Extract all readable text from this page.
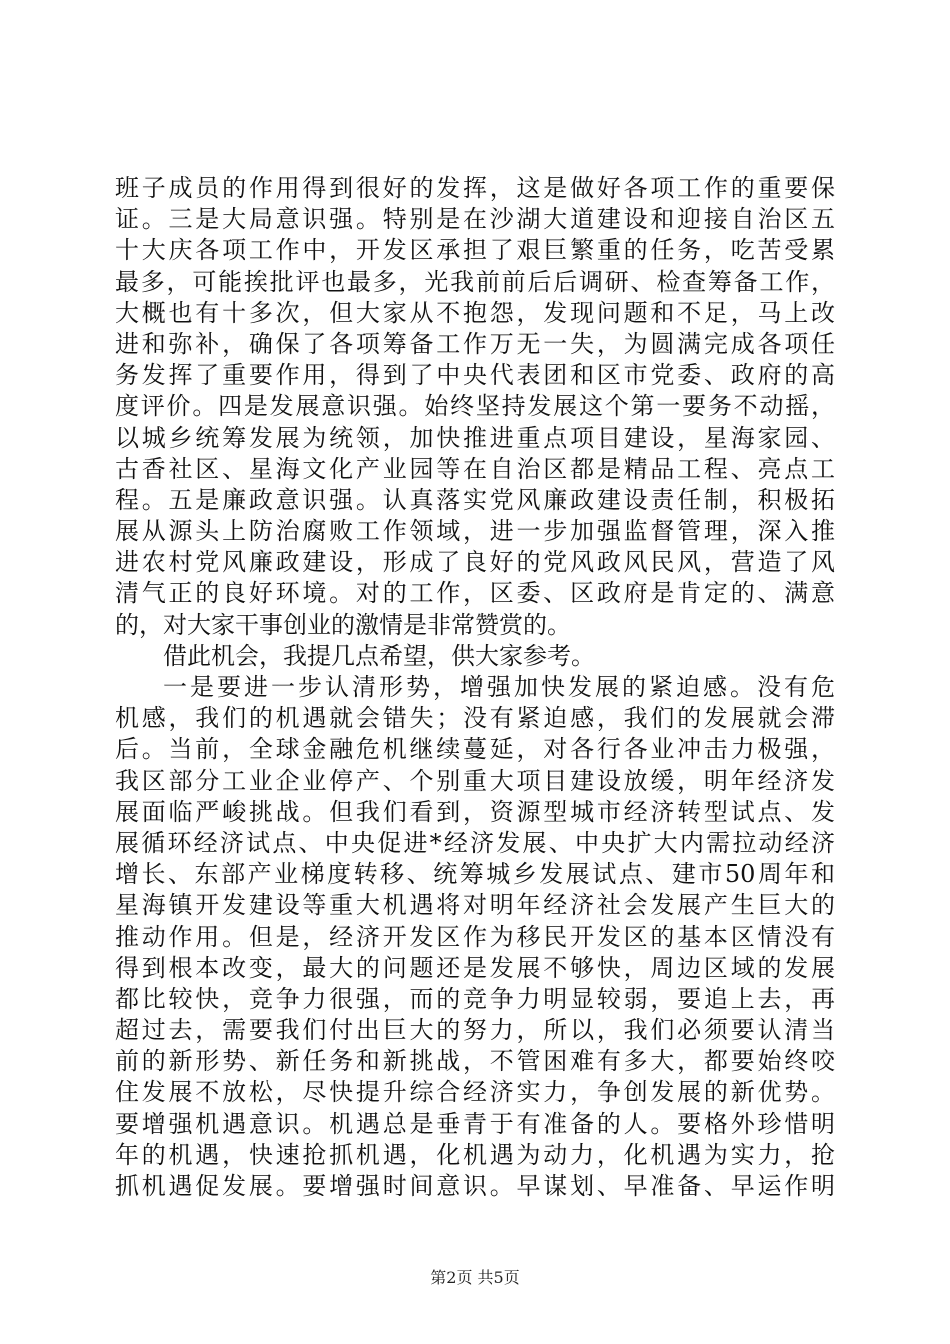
班子成员的作用得到很好的发挥，这是做好各项工作的重要保
证。三是大局意识强。特别是在沙湖大道建设和迎接自治区五
十大庆各项工作中，开发区承担了艰巨繁重的任务，吃苦受累
最多，可能挨批评也最多，光我前前后后调研、检查筹备工作，
大概也有十多次，但大家从不抱怨，发现问题和不足，马上改
进和弥补，确保了各项筹备工作万无一失，为圆满完成各项任
务发挥了重要作用，得到了中央代表团和区市党委、政府的高
度评价。四是发展意识强。始终坚持发展这个第一要务不动摇，
以城乡统筹发展为统领，加快推进重点项目建设，星海家园、
古香社区、星海文化产业园等在自治区都是精品工程、亮点工
程。五是廉政意识强。认真落实党风廉政建设责任制，积极拓
展从源头上防治腐败工作领域，进一步加强监督管理，深入推
进农村党风廉政建设，形成了良好的党风政风民风，营造了风
清气正的良好环境。对的工作，区委、区政府是肯定的、满意
的，对大家干事创业的激情是非常赞赏的。
借此机会，我提几点希望，供大家参考。
一是要进一步认清形势，增强加快发展的紧迫感。没有危
机感，我们的机遇就会错失；没有紧迫感，我们的发展就会滞
后。当前，全球金融危机继续蔓延，对各行各业冲击力极强，
我区部分工业企业停产、个别重大项目建设放缓，明年经济发
展面临严峻挑战。但我们看到，资源型城市经济转型试点、发
展循环经济试点、中央促进*经济发展、中央扩大内需拉动经济
增长、东部产业梯度转移、统筹城乡发展试点、建市50周年和
星海镇开发建设等重大机遇将对明年经济社会发展产生巨大的
推动作用。但是，经济开发区作为移民开发区的基本区情没有
得到根本改变，最大的问题还是发展不够快，周边区域的发展
都比较快，竞争力很强，而的竞争力明显较弱，要追上去，再
超过去，需要我们付出巨大的努力，所以，我们必须要认清当
前的新形势、新任务和新挑战，不管困难有多大，都要始终咬
住发展不放松，尽快提升综合经济实力，争创发展的新优势。
要增强机遇意识。机遇总是垂青于有准备的人。要格外珍惜明
年的机遇，快速抢抓机遇，化机遇为动力，化机遇为实力，抢
抓机遇促发展。要增强时间意识。早谋划、早准备、早运作明
第2页 共5页
